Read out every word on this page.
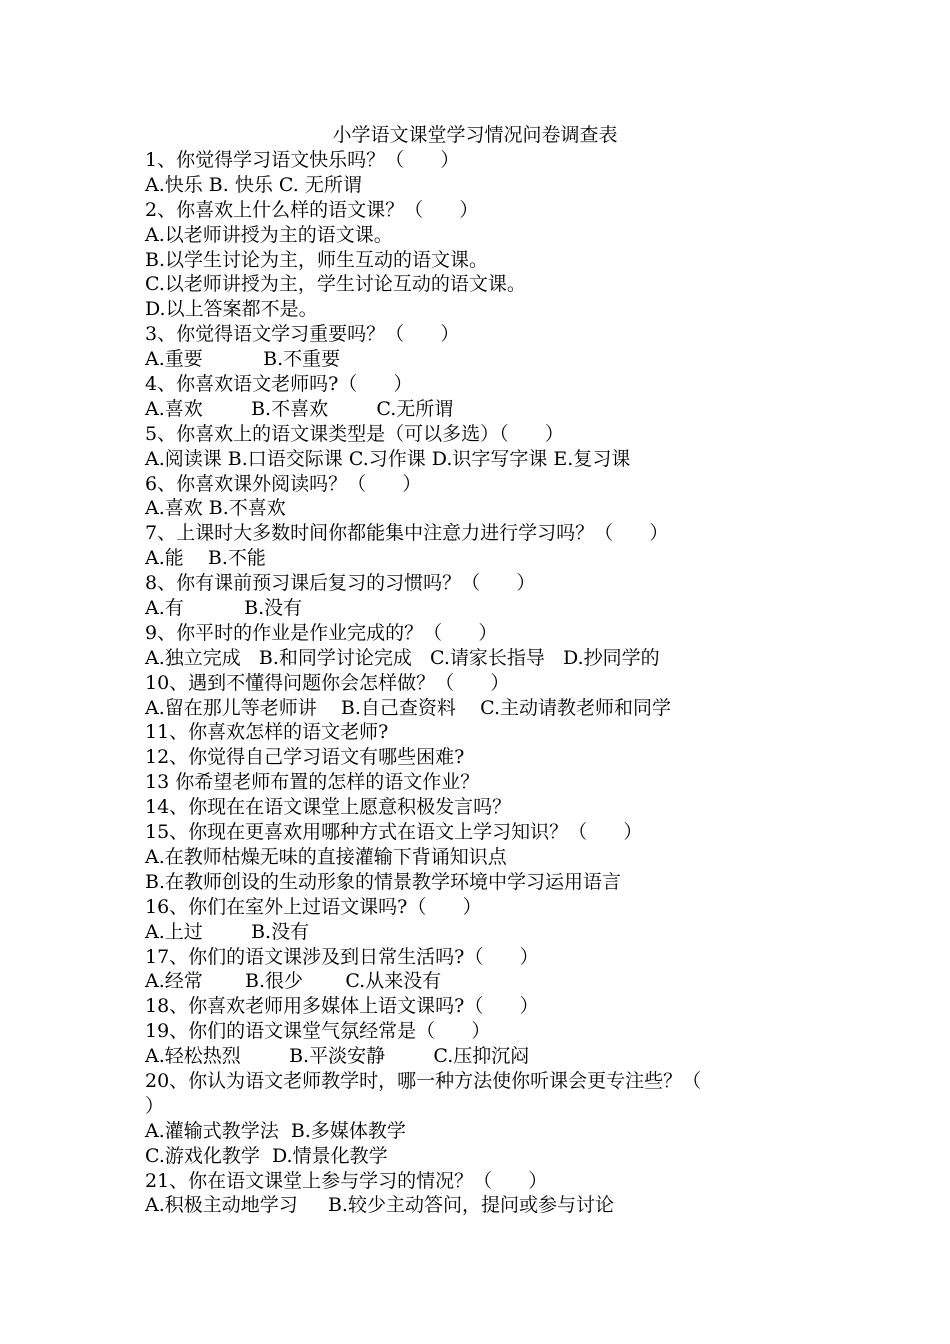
小学语文课堂学习情况问卷调查表
1、你觉得学习语文快乐吗？（      ）
A.快乐 B. 快乐 C. 无所谓
2、你喜欢上什么样的语文课？（      ）
A.以老师讲授为主的语文课。
B.以学生讨论为主，师生互动的语文课。
C.以老师讲授为主，学生讨论互动的语文课。
D.以上答案都不是。
3、你觉得语文学习重要吗？（      ）
A.重要          B.不重要
4、你喜欢语文老师吗?（      ）
A.喜欢        B.不喜欢        C.无所谓
5、你喜欢上的语文课类型是（可以多选）（      ）
A.阅读课 B.口语交际课 C.习作课 D.识字写字课 E.复习课
6、你喜欢课外阅读吗？（      ）
A.喜欢 B.不喜欢
7、上课时大多数时间你都能集中注意力进行学习吗？（      ）
A.能    B.不能
8、你有课前预习课后复习的习惯吗？（      ）
A.有          B.没有
9、你平时的作业是作业完成的？（      ）
A.独立完成   B.和同学讨论完成   C.请家长指导   D.抄同学的
10、遇到不懂得问题你会怎样做？（      ）
A.留在那儿等老师讲    B.自己查资料    C.主动请教老师和同学
11、你喜欢怎样的语文老师?
12、你觉得自己学习语文有哪些困难?
13 你希望老师布置的怎样的语文作业？
14、你现在在语文课堂上愿意积极发言吗？
15、你现在更喜欢用哪种方式在语文上学习知识？（      ）
A.在教师枯燥无味的直接灌输下背诵知识点
B.在教师创设的生动形象的情景教学环境中学习运用语言
16、你们在室外上过语文课吗?（      ）
A.上过        B.没有
17、你们的语文课涉及到日常生活吗?（      ）
A.经常       B.很少       C.从来没有
18、你喜欢老师用多媒体上语文课吗?（      ）
19、你们的语文课堂气氛经常是（      ）
A.轻松热烈        B.平淡安静        C.压抑沉闷
20、你认为语文老师教学时，哪一种方法使你听课会更专注些？（
）
A.灌输式教学法  B.多媒体教学
C.游戏化教学  D.情景化教学
21、你在语文课堂上参与学习的情况？（      ）
A.积极主动地学习     B.较少主动答问，提问或参与讨论
